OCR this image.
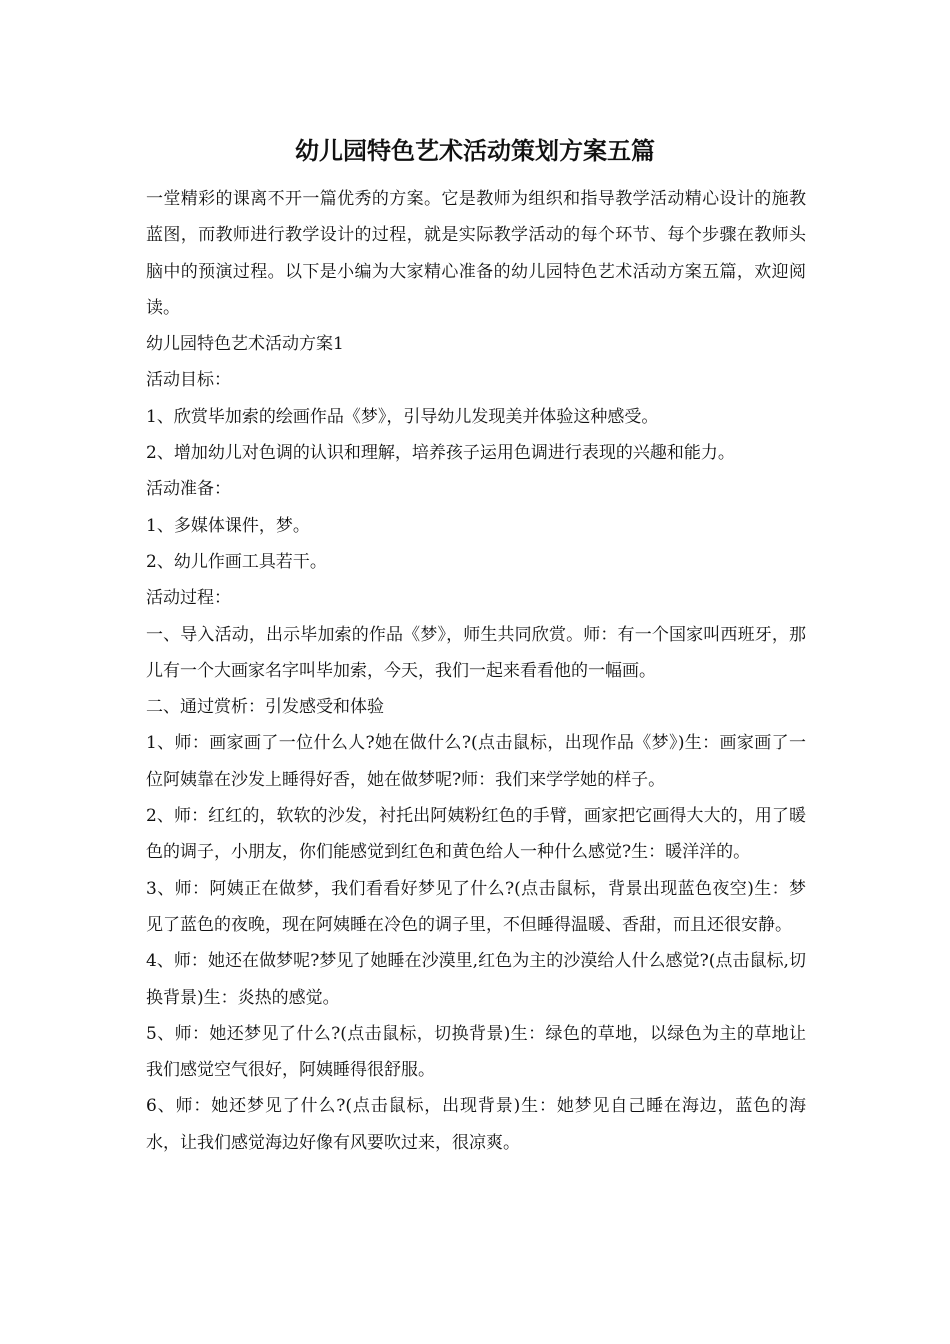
幼儿园特色艺术活动策划方案五篇

一堂精彩的课离不开一篇优秀的方案。它是教师为组织和指导教学活动精心设计的施教蓝图，而教师进行教学设计的过程，就是实际教学活动的每个环节、每个步骤在教师头脑中的预演过程。以下是小编为大家精心准备的幼儿园特色艺术活动方案五篇，欢迎阅读。

幼儿园特色艺术活动方案1

活动目标：

1、欣赏毕加索的绘画作品《梦》，引导幼儿发现美并体验这种感受。

2、增加幼儿对色调的认识和理解，培养孩子运用色调进行表现的兴趣和能力。

活动准备：

1、多媒体课件，梦。

2、幼儿作画工具若干。

活动过程：

一、导入活动，出示毕加索的作品《梦》，师生共同欣赏。师：有一个国家叫西班牙，那儿有一个大画家名字叫毕加索，今天，我们一起来看看他的一幅画。

二、通过赏析：引发感受和体验

1、师：画家画了一位什么人?她在做什么?(点击鼠标，出现作品《梦》)生：画家画了一位阿姨靠在沙发上睡得好香，她在做梦呢?师：我们来学学她的样子。

2、师：红红的，软软的沙发，衬托出阿姨粉红色的手臂，画家把它画得大大的，用了暖色的调子，小朋友，你们能感觉到红色和黄色给人一种什么感觉?生：暖洋洋的。

3、师：阿姨正在做梦，我们看看好梦见了什么?(点击鼠标，背景出现蓝色夜空)生：梦见了蓝色的夜晚，现在阿姨睡在冷色的调子里，不但睡得温暖、香甜，而且还很安静。

4、师：她还在做梦呢?梦见了她睡在沙漠里,红色为主的沙漠给人什么感觉?(点击鼠标,切换背景)生：炎热的感觉。

5、师：她还梦见了什么?(点击鼠标，切换背景)生：绿色的草地，以绿色为主的草地让我们感觉空气很好，阿姨睡得很舒服。

6、师：她还梦见了什么?(点击鼠标，出现背景)生：她梦见自己睡在海边，蓝色的海水，让我们感觉海边好像有风要吹过来，很凉爽。
